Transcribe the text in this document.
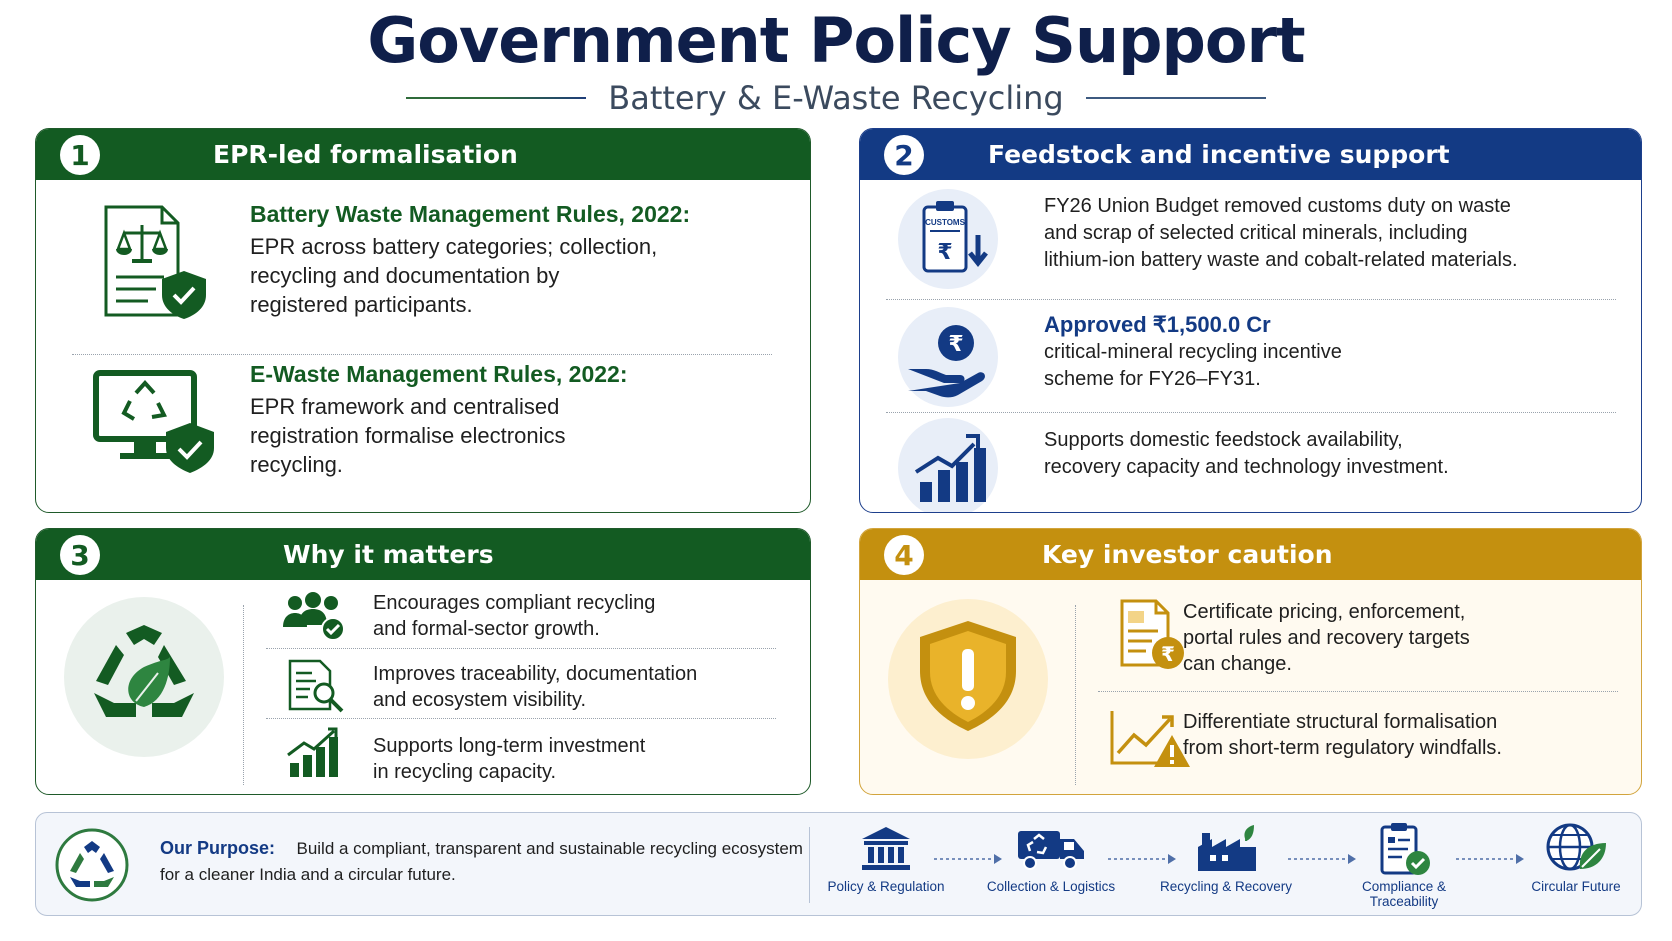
Government Policy Support
Battery & E-Waste Recycling
1	EPR-led formalisation
Battery Waste Management Rules, 2022:
EPR across battery categories; collection,
recycling and documentation by
registered participants.
E-Waste Management Rules, 2022:
EPR framework and centralised
registration formalise electronics
recycling.
2	Feedstock and incentive support
CUSTOMS
₹
FY26 Union Budget removed customs duty on waste
and scrap of selected critical minerals, including
lithium-ion battery waste and cobalt-related materials.
₹
Approved ₹1,500.0 Cr
critical-mineral recycling incentive
scheme for FY26–FY31.
Supports domestic feedstock availability,
recovery capacity and technology investment.
3	Why it matters
Encourages compliant recycling
and formal-sector growth.
Improves traceability, documentation
and ecosystem visibility.
Supports long-term investment
in recycling capacity.
4	Key investor caution
₹
Certificate pricing, enforcement,
portal rules and recovery targets
can change.
Differentiate structural formalisation
from short-term regulatory windfalls.
Our Purpose: Build a compliant, transparent and sustainable recycling ecosystem
for a cleaner India and a circular future.
Policy & Regulation	Collection & Logistics	Recycling & Recovery	Compliance & Traceability
Circular Future
